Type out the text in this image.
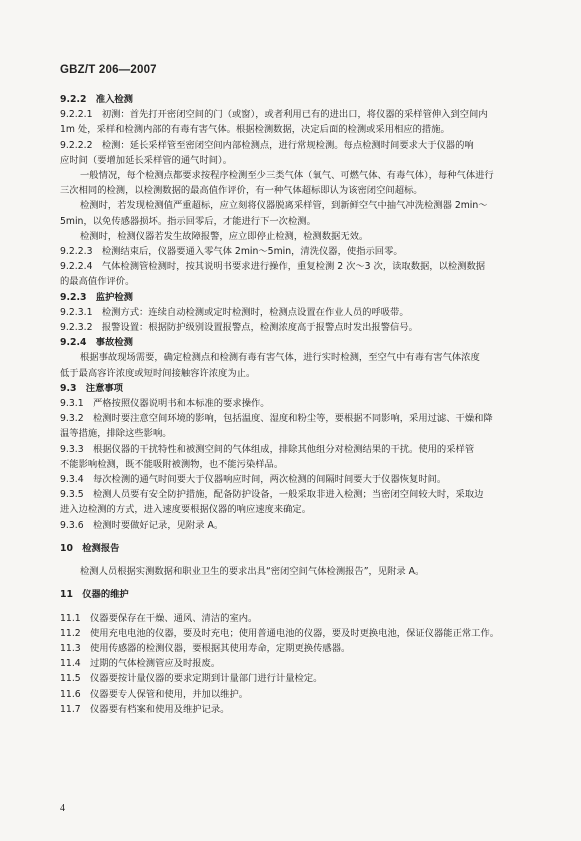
GBZ/T 206—2007
9.2.2　准入检测
9.2.2.1　初测：首先打开密闭空间的门（或窗），或者利用已有的进出口，将仪器的采样管伸入到空间内
1m 处，采样和检测内部的有毒有害气体。根据检测数据，决定后面的检测或采用相应的措施。
9.2.2.2　检测：延长采样管至密闭空间内部检测点，进行常规检测。每点检测时间要求大于仪器的响
应时间（要增加延长采样管的通气时间）。
一般情况，每个检测点都要求按程序检测至少三类气体（氧气、可燃气体、有毒气体），每种气体进行
三次相同的检测，以检测数据的最高值作评价，有一种气体超标即认为该密闭空间超标。
检测时，若发现检测值严重超标，应立刻将仪器脱离采样管，到新鲜空气中抽气冲洗检测器 2min～
5min，以免传感器损坏。指示回零后，才能进行下一次检测。
检测时，检测仪器若发生故障报警，应立即停止检测，检测数据无效。
9.2.2.3　检测结束后，仪器要通入零气体 2min～5min，清洗仪器，使指示回零。
9.2.2.4　气体检测管检测时，按其说明书要求进行操作，重复检测 2 次～3 次，读取数据，以检测数据
的最高值作评价。
9.2.3　监护检测
9.2.3.1　检测方式：连续自动检测或定时检测时，检测点设置在作业人员的呼吸带。
9.2.3.2　报警设置：根据防护级别设置报警点，检测浓度高于报警点时发出报警信号。
9.2.4　事故检测
根据事故现场需要，确定检测点和检测有毒有害气体，进行实时检测，至空气中有毒有害气体浓度
低于最高容许浓度或短时间接触容许浓度为止。
9.3　注意事项
9.3.1　严格按照仪器说明书和本标准的要求操作。
9.3.2　检测时要注意空间环境的影响，包括温度、湿度和粉尘等，要根据不同影响，采用过滤、干燥和降
温等措施，排除这些影响。
9.3.3　根据仪器的干扰特性和被测空间的气体组成，排除其他组分对检测结果的干扰。使用的采样管
不能影响检测，既不能吸附被测物，也不能污染样品。
9.3.4　每次检测的通气时间要大于仪器响应时间，两次检测的间隔时间要大于仪器恢复时间。
9.3.5　检测人员要有安全防护措施，配备防护设备，一般采取非进入检测；当密闭空间较大时，采取边
进入边检测的方式，进入速度要根据仪器的响应速度来确定。
9.3.6　检测时要做好记录，见附录 A。
10　检测报告
检测人员根据实测数据和职业卫生的要求出具“密闭空间气体检测报告”，见附录 A。
11　仪器的维护
11.1　仪器要保存在干燥、通风、清洁的室内。
11.2　使用充电电池的仪器，要及时充电；使用普通电池的仪器，要及时更换电池，保证仪器能正常工作。
11.3　使用传感器的检测仪器，要根据其使用寿命，定期更换传感器。
11.4　过期的气体检测管应及时报废。
11.5　仪器要按计量仪器的要求定期到计量部门进行计量检定。
11.6　仪器要专人保管和使用，并加以维护。
11.7　仪器要有档案和使用及维护记录。
4
